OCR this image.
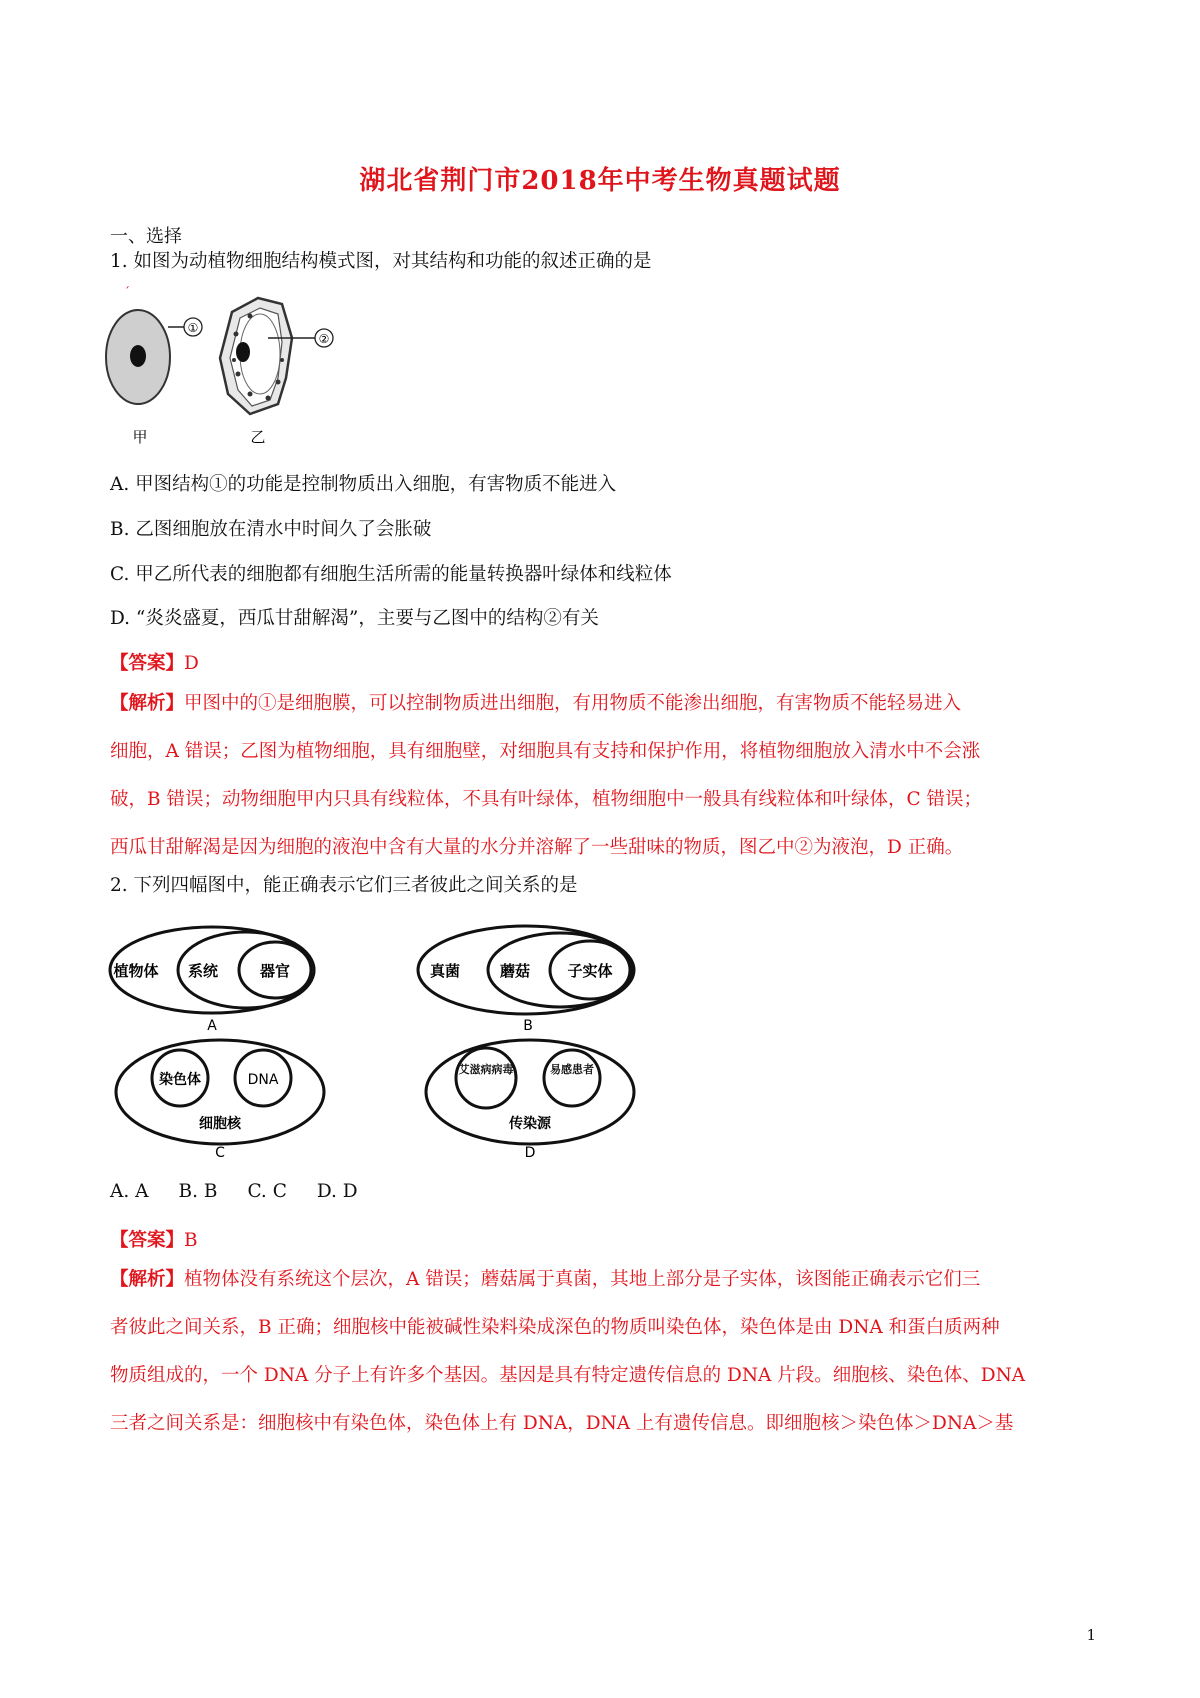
湖北省荆门市2018年中考生物真题试题
一、选择
1. 如图为动植物细胞结构模式图，对其结构和功能的叙述正确的是
ˊ
①
②
甲	乙
A. 甲图结构①的功能是控制物质出入细胞，有害物质不能进入
B. 乙图细胞放在清水中时间久了会胀破
C. 甲乙所代表的细胞都有细胞生活所需的能量转换器叶绿体和线粒体
D. “炎炎盛夏，西瓜甘甜解渴”，主要与乙图中的结构②有关
【答案】D
【解析】甲图中的①是细胞膜，可以控制物质进出细胞，有用物质不能渗出细胞，有害物质不能轻易进入
细胞，A 错误；乙图为植物细胞，具有细胞壁，对细胞具有支持和保护作用，将植物细胞放入清水中不会涨
破，B 错误；动物细胞甲内只具有线粒体，不具有叶绿体，植物细胞中一般具有线粒体和叶绿体，C 错误；
西瓜甘甜解渴是因为细胞的液泡中含有大量的水分并溶解了一些甜味的物质，图乙中②为液泡，D 正确。
2. 下列四幅图中，能正确表示它们三者彼此之间关系的是
植物体 系统	器官
A
真菌	蘑菇 子实体
B
染色体	DNA
细胞核
C
艾滋病病毒	易感患者
传染源
D
A. A B. B C. C D. D
【答案】B
【解析】植物体没有系统这个层次，A 错误；蘑菇属于真菌，其地上部分是子实体，该图能正确表示它们三
者彼此之间关系，B 正确；细胞核中能被碱性染料染成深色的物质叫染色体，染色体是由 DNA 和蛋白质两种
物质组成的，一个 DNA 分子上有许多个基因。基因是具有特定遗传信息的 DNA 片段。细胞核、染色体、DNA
三者之间关系是：细胞核中有染色体，染色体上有 DNA，DNA 上有遗传信息。即细胞核＞染色体＞DNA＞基
1
